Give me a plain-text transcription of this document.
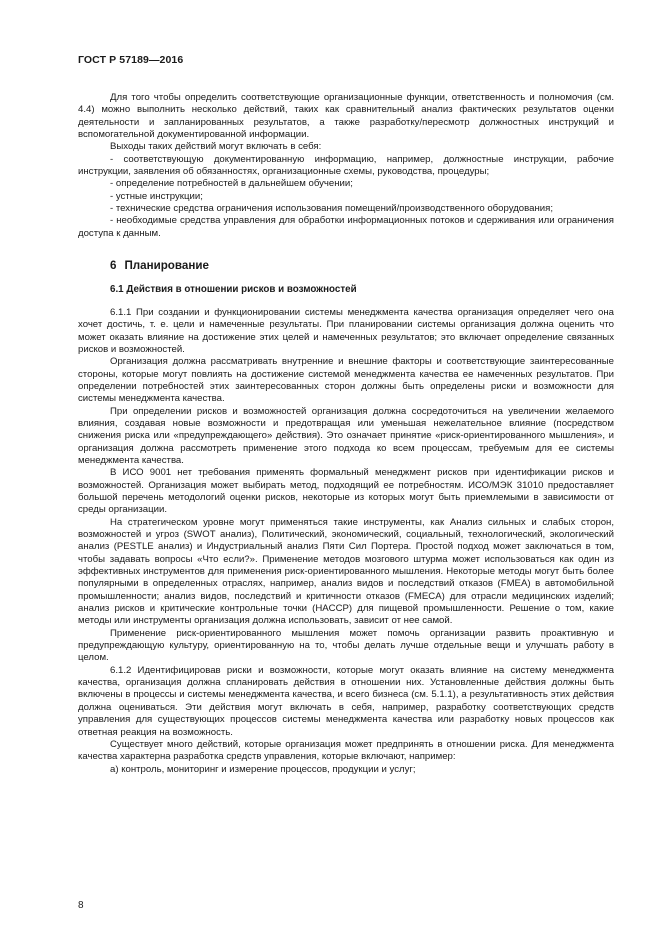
ГОСТ Р 57189—2016

Для того чтобы определить соответствующие организационные функции, ответственность и полномочия (см. 4.4) можно выполнить несколько действий, таких как сравнительный анализ фактических результатов оценки деятельности и запланированных результатов, а также разработку/пересмотр должностных инструкций и вспомогательной документированной информации.

Выходы таких действий могут включать в себя:

- соответствующую документированную информацию, например, должностные инструкции, рабочие инструкции, заявления об обязанностях, организационные схемы, руководства, процедуры;

- определение потребностей в дальнейшем обучении;

- устные инструкции;

- технические средства ограничения использования помещений/производственного оборудования;

- необходимые средства управления для обработки информационных потоков и сдерживания или ограничения доступа к данным.

6 Планирование
6.1 Действия в отношении рисков и возможностей

6.1.1 При создании и функционировании системы менеджмента качества организация определяет чего она хочет достичь, т. е. цели и намеченные результаты. При планировании системы организация должна оценить что может оказать влияние на достижение этих целей и намеченных результатов; это включает определение связанных рисков и возможностей.

Организация должна рассматривать внутренние и внешние факторы и соответствующие заинтересованные стороны, которые могут повлиять на достижение системой менеджмента качества ее намеченных результатов. При определении потребностей этих заинтересованных сторон должны быть определены риски и возможности для системы менеджмента качества.

При определении рисков и возможностей организация должна сосредоточиться на увеличении желаемого влияния, создавая новые возможности и предотвращая или уменьшая нежелательное влияние (посредством снижения риска или «предупреждающего» действия). Это означает принятие «риск-ориентированного мышления», и организация должна рассмотреть применение этого подхода ко всем процессам, требуемым для ее системы менеджмента качества.

В ИСО 9001 нет требования применять формальный менеджмент рисков при идентификации рисков и возможностей. Организация может выбирать метод, подходящий ее потребностям. ИСО/МЭК 31010 предоставляет большой перечень методологий оценки рисков, некоторые из которых могут быть приемлемыми в зависимости от среды организации.

На стратегическом уровне могут применяться такие инструменты, как Анализ сильных и слабых сторон, возможностей и угроз (SWOT анализ), Политический, экономический, социальный, технологический, экологический анализ (PESTLE анализ) и Индустриальный анализ Пяти Сил Портера. Простой подход может заключаться в том, чтобы задавать вопросы «Что если?». Применение методов мозгового штурма может использоваться как один из эффективных инструментов для применения риск-ориентированного мышления. Некоторые методы могут быть более популярными в определенных отраслях, например, анализ видов и последствий отказов (FMEA) в автомобильной промышленности; анализ видов, последствий и критичности отказов (FMECA) для отрасли медицинских изделий; анализ рисков и критические контрольные точки (HACCP) для пищевой промышленности. Решение о том, какие методы или инструменты организация должна использовать, зависит от нее самой.

Применение риск-ориентированного мышления может помочь организации развить проактивную и предупреждающую культуру, ориентированную на то, чтобы делать лучше отдельные вещи и улучшать работу в целом.

6.1.2 Идентифицировав риски и возможности, которые могут оказать влияние на систему менеджмента качества, организация должна спланировать действия в отношении них. Установленные действия должны быть включены в процессы и системы менеджмента качества, и всего бизнеса (см. 5.1.1), а результативность этих действия должна оцениваться. Эти действия могут включать в себя, например, разработку соответствующих средств управления для существующих процессов системы менеджмента качества или разработку новых процессов как ответная реакция на возможность.

Существует много действий, которые организация может предпринять в отношении риска. Для менеджмента качества характерна разработка средств управления, которые включают, например:

а) контроль, мониторинг и измерение процессов, продукции и услуг;

8
